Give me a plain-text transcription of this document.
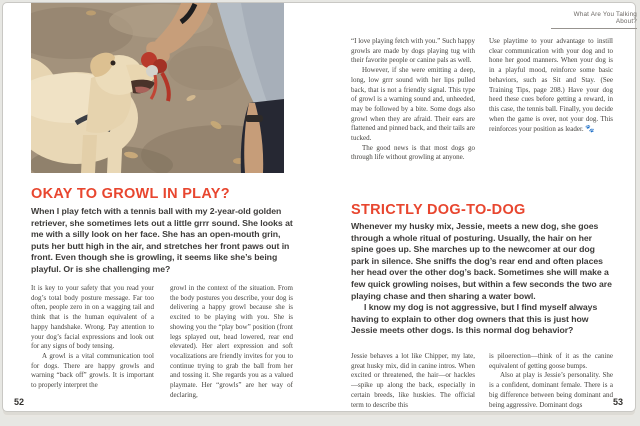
OKAY TO GROWL IN PLAY?

When I play fetch with a tennis ball with my 2-year-old golden retriever, she sometimes lets out a little grrr sound. She looks at me with a silly look on her face. She has an open-mouth grin, puts her butt high in the air, and stretches her front paws out in front. Even though she is growling, it seems like she’s being playful. Or is she challenging me?

It is key to your safety that you read your dog’s total body posture message. Far too often, people zero in on a wagging tail and think that is the human equivalent of a happy handshake. Wrong. Pay attention to your dog’s facial expressions and look out for any signs of body tensing.

A growl is a vital communication tool for dogs. There are happy growls and warning “back off” growls. It is important to properly interpret the

growl in the context of the situation. From the body postures you describe, your dog is delivering a happy growl because she is excited to be playing with you. She is showing you the “play bow” position (front legs splayed out, head lowered, rear end elevated). Her alert expression and soft vocalizations are friendly invites for you to continue trying to grab the ball from her and tossing it. She regards you as a valued playmate. Her “growls” are her way of declaring,

52
What Are You Talking About?

“I love playing fetch with you.” Such happy growls are made by dogs playing tug with their favorite people or canine pals as well.

However, if she were emitting a deep, long, low grrr sound with her lips pulled back, that is not a friendly signal. This type of growl is a warning sound and, unheeded, may be followed by a bite. Some dogs also growl when they are afraid. Their ears are flattened and pinned back, and their tails are tucked.

The good news is that most dogs go through life without growling at anyone.

Use playtime to your advantage to instill clear communication with your dog and to hone her good manners. When your dog is in a playful mood, reinforce some basic behaviors, such as Sit and Stay. (See Training Tips, page 208.) Have your dog heed these cues before getting a reward, in this case, the tennis ball. Finally, you decide when the game is over, not your dog. This reinforces your position as leader. 🐾

STRICTLY DOG-TO-DOG

Whenever my husky mix, Jessie, meets a new dog, she goes through a whole ritual of posturing. Usually, the hair on her spine goes up. She marches up to the newcomer at our dog park in silence. She sniffs the dog’s rear end and often places her head over the other dog’s back. Sometimes she will make a few quick growling noises, but within a few seconds the two are playing chase and then sharing a water bowl.

I know my dog is not aggressive, but I find myself always having to explain to other dog owners that this is just how Jessie meets other dogs. Is this normal dog behavior?

Jessie behaves a lot like Chipper, my late, great husky mix, did in canine intros. When excited or threatened, the hair—or hackles—spike up along the back, especially in certain breeds, like huskies. The official term to describe this

is piloerection—think of it as the canine equivalent of getting goose bumps.

Also at play is Jessie’s personality. She is a confident, dominant female. There is a big difference between being dominant and being aggressive. Dominant dogs	53
